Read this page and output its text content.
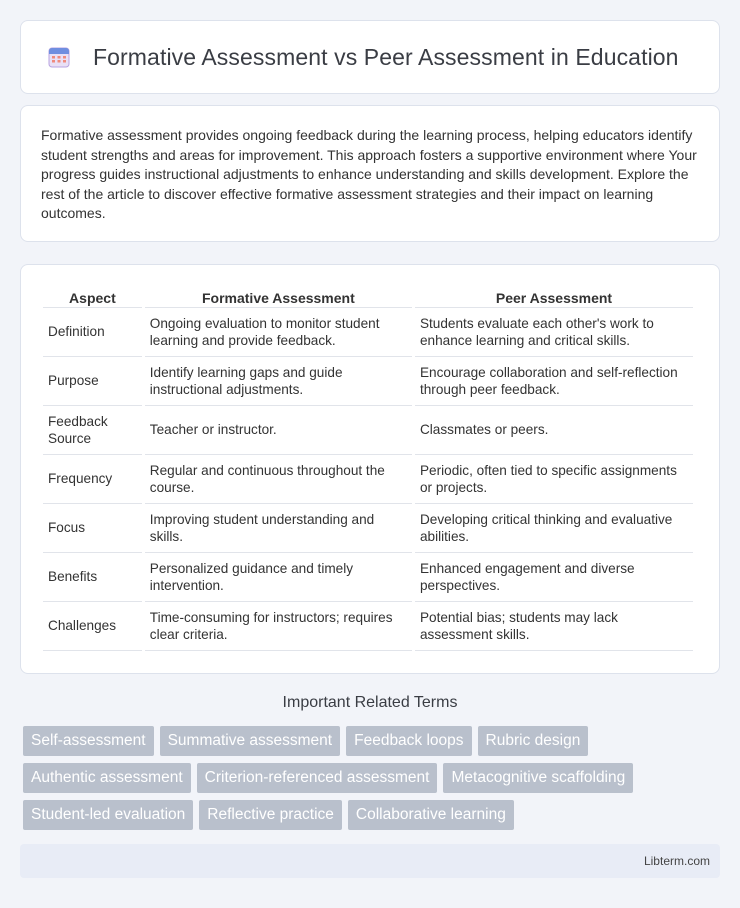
Formative Assessment vs Peer Assessment in Education

Formative assessment provides ongoing feedback during the learning process, helping educators identify student strengths and areas for improvement. This approach fosters a supportive environment where Your progress guides instructional adjustments to enhance understanding and skills development. Explore the rest of the article to discover effective formative assessment strategies and their impact on learning outcomes.

Aspect	Formative Assessment	Peer Assessment
Definition	Ongoing evaluation to monitor student learning and provide feedback.	Students evaluate each other's work to enhance learning and critical skills.
Purpose	Identify learning gaps and guide instructional adjustments.	Encourage collaboration and self-reflection through peer feedback.
Feedback Source	Teacher or instructor.	Classmates or peers.
Frequency	Regular and continuous throughout the course.	Periodic, often tied to specific assignments or projects.
Focus	Improving student understanding and skills.	Developing critical thinking and evaluative abilities.
Benefits	Personalized guidance and timely intervention.	Enhanced engagement and diverse perspectives.
Challenges	Time-consuming for instructors; requires clear criteria.	Potential bias; students may lack assessment skills.
Important Related Terms
Self-assessment	Summative assessment	Feedback loops	Rubric design
Authentic assessment	Criterion-referenced assessment	Metacognitive scaffolding
Student-led evaluation	Reflective practice	Collaborative learning
Libterm.com
